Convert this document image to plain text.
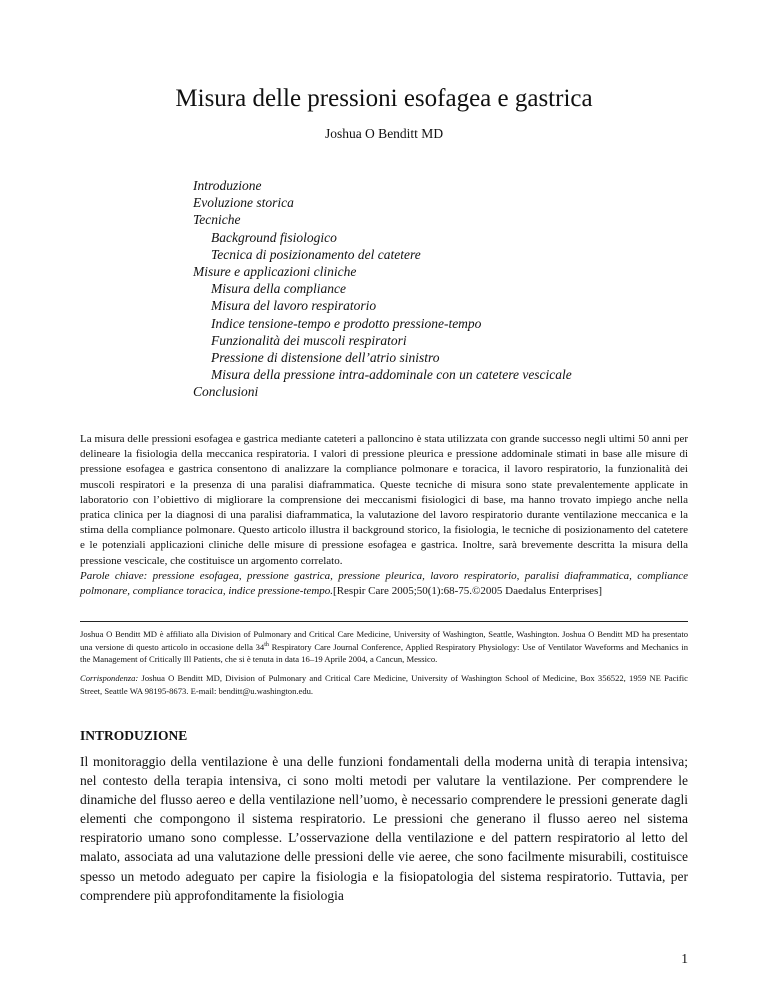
Misura delle pressioni esofagea e gastrica
Joshua O Benditt MD
Introduzione
Evoluzione storica
Tecniche
Background fisiologico
Tecnica di posizionamento del catetere
Misure e applicazioni cliniche
Misura della compliance
Misura del lavoro respiratorio
Indice tensione-tempo e prodotto pressione-tempo
Funzionalità dei muscoli respiratori
Pressione di distensione dell’atrio sinistro
Misura della pressione intra-addominale con un catetere vescicale
Conclusioni

La misura delle pressioni esofagea e gastrica mediante cateteri a palloncino è stata utilizzata con grande successo negli ultimi 50 anni per delineare la fisiologia della meccanica respiratoria. I valori di pressione pleurica e pressione addominale stimati in base alle misure di pressione esofagea e gastrica consentono di analizzare la compliance polmonare e toracica, il lavoro respiratorio, la funzionalità dei muscoli respiratori e la presenza di una paralisi diaframmatica. Queste tecniche di misura sono state prevalentemente applicate in laboratorio con l’obiettivo di migliorare la comprensione dei meccanismi fisiologici di base, ma hanno trovato impiego anche nella pratica clinica per la diagnosi di una paralisi diaframmatica, la valutazione del lavoro respiratorio durante ventilazione meccanica e la stima della compliance polmonare. Questo articolo illustra il background storico, la fisiologia, le tecniche di posizionamento del catetere e le potenziali applicazioni cliniche delle misure di pressione esofagea e gastrica. Inoltre, sarà brevemente descritta la misura della pressione vescicale, che costituisce un argomento correlato.

Parole chiave: pressione esofagea, pressione gastrica, pressione pleurica, lavoro respiratorio, paralisi diaframmatica, compliance polmonare, compliance toracica, indice pressione-tempo.[Respir Care 2005;50(1):68-75.©2005 Daedalus Enterprises]

Joshua O Benditt MD è affiliato alla Division of Pulmonary and Critical Care Medicine, University of Washington, Seattle, Washington. Joshua O Benditt MD ha presentato una versione di questo articolo in occasione della 34th Respiratory Care Journal Conference, Applied Respiratory Physiology: Use of Ventilator Waveforms and Mechanics in the Management of Critically Ill Patients, che si è tenuta in data 16–19 Aprile 2004, a Cancun, Messico.

Corrispondenza: Joshua O Benditt MD, Division of Pulmonary and Critical Care Medicine, University of Washington School of Medicine, Box 356522, 1959 NE Pacific Street, Seattle WA 98195-8673. E-mail: benditt@u.washington.edu.

INTRODUZIONE

Il monitoraggio della ventilazione è una delle funzioni fondamentali della moderna unità di terapia intensiva; nel contesto della terapia intensiva, ci sono molti metodi per valutare la ventilazione. Per comprendere le dinamiche del flusso aereo e della ventilazione nell’uomo, è necessario comprendere le pressioni generate dagli elementi che compongono il sistema respiratorio. Le pressioni che generano il flusso aereo nel sistema respiratorio umano sono complesse. L’osservazione della ventilazione e del pattern respiratorio al letto del malato, associata ad una valutazione delle pressioni delle vie aeree, che sono facilmente misurabili, costituisce spesso un metodo adeguato per capire la fisiologia e la fisiopatologia del sistema respiratorio. Tuttavia, per comprendere più approfonditamente la fisiologia

1
